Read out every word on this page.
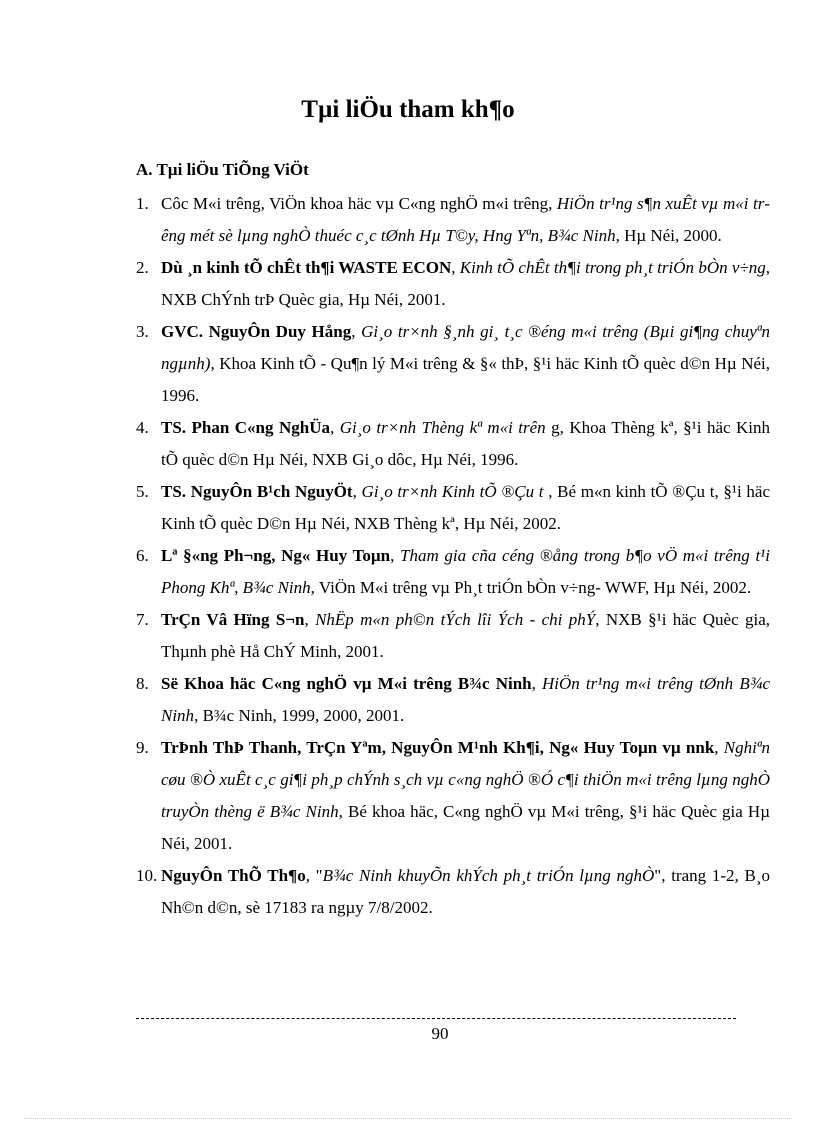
Tµi liÖu tham kh¶o
A. Tµi liÖu TiÕng ViÖt
1. Côc M«i trêng, ViÖn khoa häc vµ C«ng nghÖ m«i trêng, HiÖn tr¹ng s¶n xuÊt vµ m«i trêng mét sè lµng nghÒ thuéc c¸c tØnh Hµ T©y, Hng Yªn, B¾c Ninh, Hµ Néi, 2000.
2. Dù ¸n kinh tÕ chÊt th¶i WASTE ECON, Kinh tÕ chÊt th¶i trong ph¸t triÓn bÒn v÷ng, NXB ChÝnh trÞ Quèc gia, Hµ Néi, 2001.
3. GVC. NguyÔn Duy Hång, Gi¸o tr×nh §¸nh gi¸ t¸c ®éng m«i trêng (Bµi gi¶ng chuyªn ngµnh), Khoa Kinh tÕ - Qu¶n lý M«i trêng & §« thÞ, §¹i häc Kinh tÕ quèc d©n Hµ Néi, 1996.
4. TS. Phan C«ng NghÜa, Gi¸o tr×nh Thèng kª m«i trên g, Khoa Thèng kª, §¹i häc Kinh tÕ quèc d©n Hµ Néi, NXB Gi¸o dôc, Hµ Néi, 1996.
5. TS. NguyÔn B¹ch NguyÖt, Gi¸o tr×nh Kinh tÕ ®Çu t , Bé m«n kinh tÕ ®Çu t, §¹i häc Kinh tÕ quèc D©n Hµ Néi, NXB Thèng kª, Hµ Néi, 2002.
6. Lª §«ng Ph¬ng, Ng« Huy Toµn, Tham gia cña céng ®ång trong b¶o vÖ m«i trêng t¹i Phong Khª, B¾c Ninh, ViÖn M«i trêng vµ Ph¸t triÓn bÒn v÷ng- WWF, Hµ Néi, 2002.
7. TrÇn Vâ Hïng S¬n, NhËp m«n ph©n tÝch lîi Ých - chi phÝ, NXB §¹i häc Quèc gia, Thµnh phè Hå ChÝ Minh, 2001.
8. Së Khoa häc C«ng nghÖ vµ M«i trêng B¾c Ninh, HiÖn tr¹ng m«i trêng tØnh B¾c Ninh, B¾c Ninh, 1999, 2000, 2001.
9. TrÞnh ThÞ Thanh, TrÇn Yªm, NguyÔn M¹nh Kh¶i, Ng« Huy Toµn vµ nnk, Nghiªn cøu ®Ò xuÊt c¸c gi¶i ph¸p chÝnh s¸ch vµ c«ng nghÖ ®Ó c¶i thiÖn m«i trêng lµng nghÒ truyÒn thèng ë B¾c Ninh, Bé khoa häc, C«ng nghÖ vµ M«i trêng, §¹i häc Quèc gia Hµ Néi, 2001.
10. NguyÔn ThÕ Th¶o, "B¾c Ninh khuyÕn khÝch ph¸t triÓn lµng nghÒ", trang 1-2, B¸o Nh©n d©n, sè 17183 ra ngµy 7/8/2002.
90
